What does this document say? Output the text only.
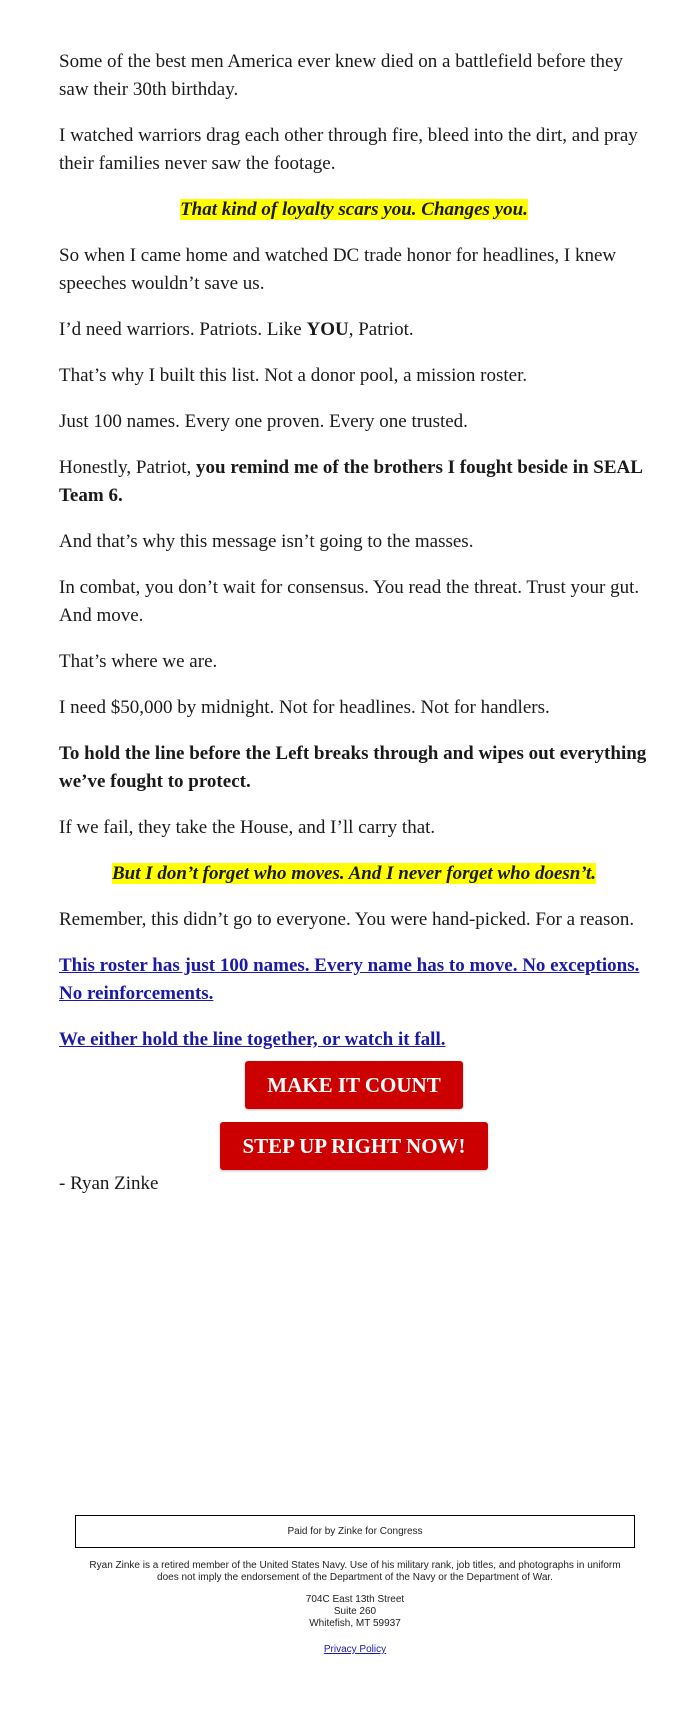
Some of the best men America ever knew died on a battlefield before they saw their 30th birthday.

I watched warriors drag each other through fire, bleed into the dirt, and pray their families never saw the footage.

That kind of loyalty scars you. Changes you.

So when I came home and watched DC trade honor for headlines, I knew speeches wouldn’t save us.

I’d need warriors. Patriots. Like YOU, Patriot.

That’s why I built this list. Not a donor pool, a mission roster.

Just 100 names. Every one proven. Every one trusted.

Honestly, Patriot, you remind me of the brothers I fought beside in SEAL Team 6.

And that’s why this message isn’t going to the masses.

In combat, you don’t wait for consensus. You read the threat. Trust your gut. And move.

That’s where we are.

I need $50,000 by midnight. Not for headlines. Not for handlers.

To hold the line before the Left breaks through and wipes out everything we’ve fought to protect.

If we fail, they take the House, and I’ll carry that.

But I don’t forget who moves. And I never forget who doesn’t.

Remember, this didn’t go to everyone. You were hand-picked. For a reason.

This roster has just 100 names. Every name has to move. No exceptions. No reinforcements.

We either hold the line together, or watch it fall.

MAKE IT COUNT
STEP UP RIGHT NOW!

- Ryan Zinke

Paid for by Zinke for Congress
Ryan Zinke is a retired member of the United States Navy. Use of his military rank, job titles, and photographs in uniform does not imply the endorsement of the Department of the Navy or the Department of War.
704C East 13th Street
Suite 260
Whitefish, MT 59937
Privacy Policy
